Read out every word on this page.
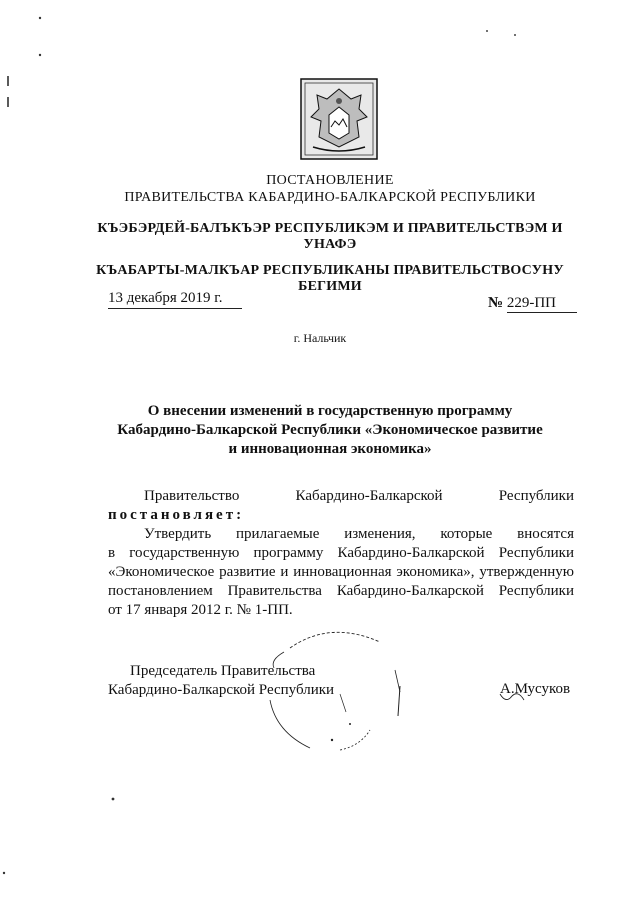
ПОСТАНОВЛЕНИЕ
ПРАВИТЕЛЬСТВА КАБАРДИНО-БАЛКАРСКОЙ РЕСПУБЛИКИ
КЪЭБЭРДЕЙ-БАЛЪКЪЭР РЕСПУБЛИКЭМ И ПРАВИТЕЛЬСТВЭМ И
УНАФЭ
КЪАБАРТЫ-МАЛКЪАР РЕСПУБЛИКАНЫ ПРАВИТЕЛЬСТВОСУНУ
БЕГИМИ
13 декабря 2019 г.	№ 229-ПП
г. Нальчик
О внесении изменений в государственную программу
Кабардино-Балкарской Республики «Экономическое развитие
и инновационная экономика»
Правительство	Кабардино-Балкарской	Республики
постановляет:
Утвердить прилагаемые изменения, которые вносятся
в государственную программу Кабардино-Балкарской Республики
«Экономическое развитие и инновационная экономика», утвержденную
постановлением Правительства Кабардино-Балкарской Республики
от 17 января 2012 г. № 1-ПП.
Председатель Правительства
Кабардино-Балкарской Республики	А.Мусуков
